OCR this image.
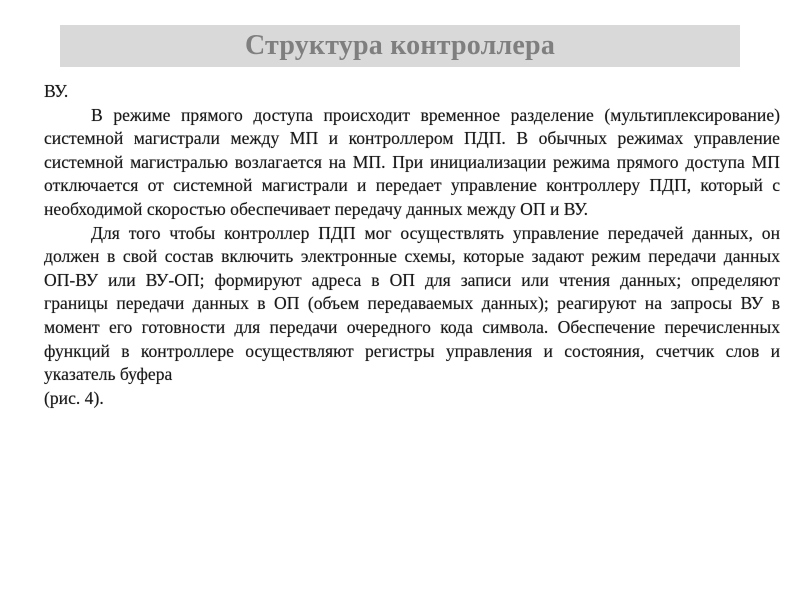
Структура контроллера

ВУ.

В режиме прямого доступа происходит временное разделение (мультиплексирование) системной магистрали между МП и контроллером ПДП. В обычных режимах управление системной магистралью возлагается на МП. При инициализации режима прямого доступа МП отключается от системной магистрали и передает управление контроллеру ПДП, который с необходимой скоростью обеспечивает передачу данных между ОП и ВУ.

Для того чтобы контроллер ПДП мог осуществлять управление передачей данных, он должен в свой состав включить электронные схемы, которые задают режим передачи данных ОП-ВУ или ВУ-ОП; формируют адреса в ОП для записи или чтения данных; определяют границы передачи данных в ОП (объем передаваемых данных); реагируют на запросы ВУ в момент его готовности для передачи очередного кода символа. Обеспечение перечисленных функций в контроллере осуществляют регистры управления и состояния, счетчик слов и указатель буфера

(рис. 4).
